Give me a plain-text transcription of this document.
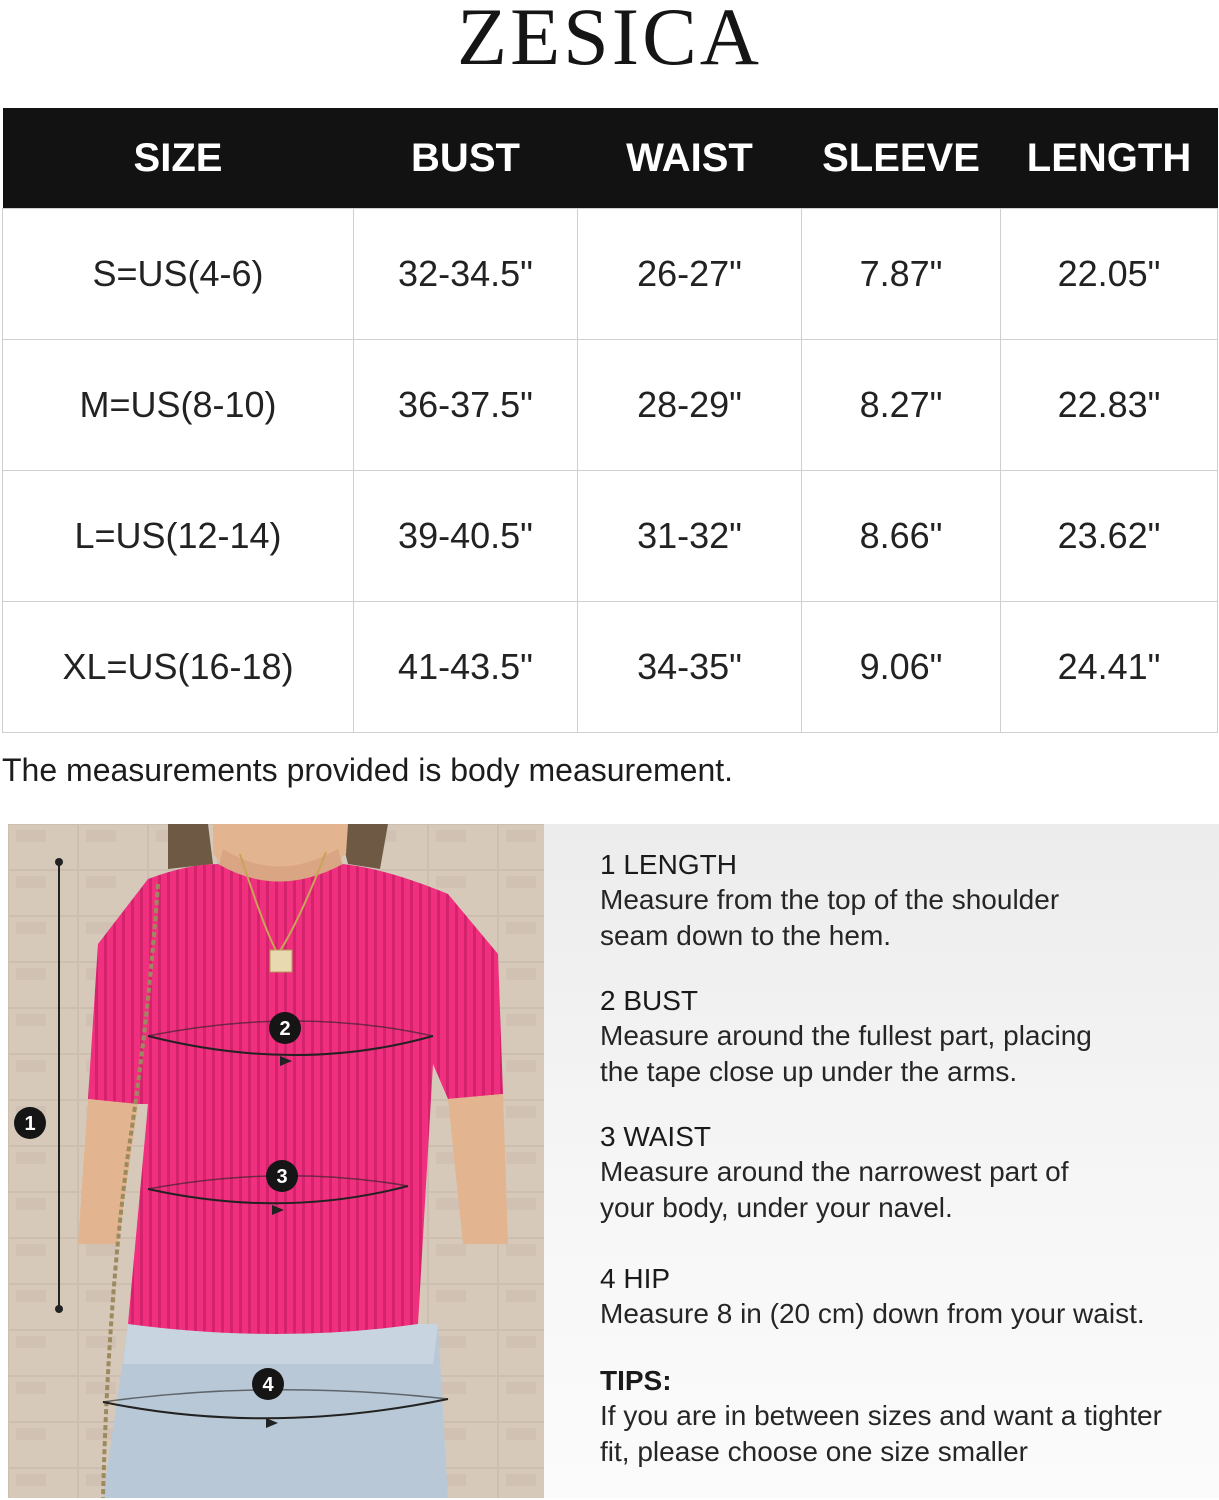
ZESICA
SIZE	BUST	WAIST	SLEEVE	LENGTH
S=US(4-6)	32-34.5"	26-27"	7.87"	22.05"
M=US(8-10)	36-37.5"	28-29"	8.27"	22.83"
L=US(12-14)	39-40.5"	31-32"	8.66"	23.62"
XL=US(16-18)	41-43.5"	34-35"	9.06"	24.41"
The measurements provided is body measurement.
1
2
3
4
1 LENGTH
Measure from the top of the shoulder
seam down to the hem.
2 BUST
Measure around the fullest part, placing
the tape close up under the arms.
3 WAIST
Measure around the narrowest part of
your body, under your navel.
4 HIP
Measure 8 in (20 cm) down from your waist.
TIPS:
If you are in between sizes and want a tighter
fit, please choose one size smaller
